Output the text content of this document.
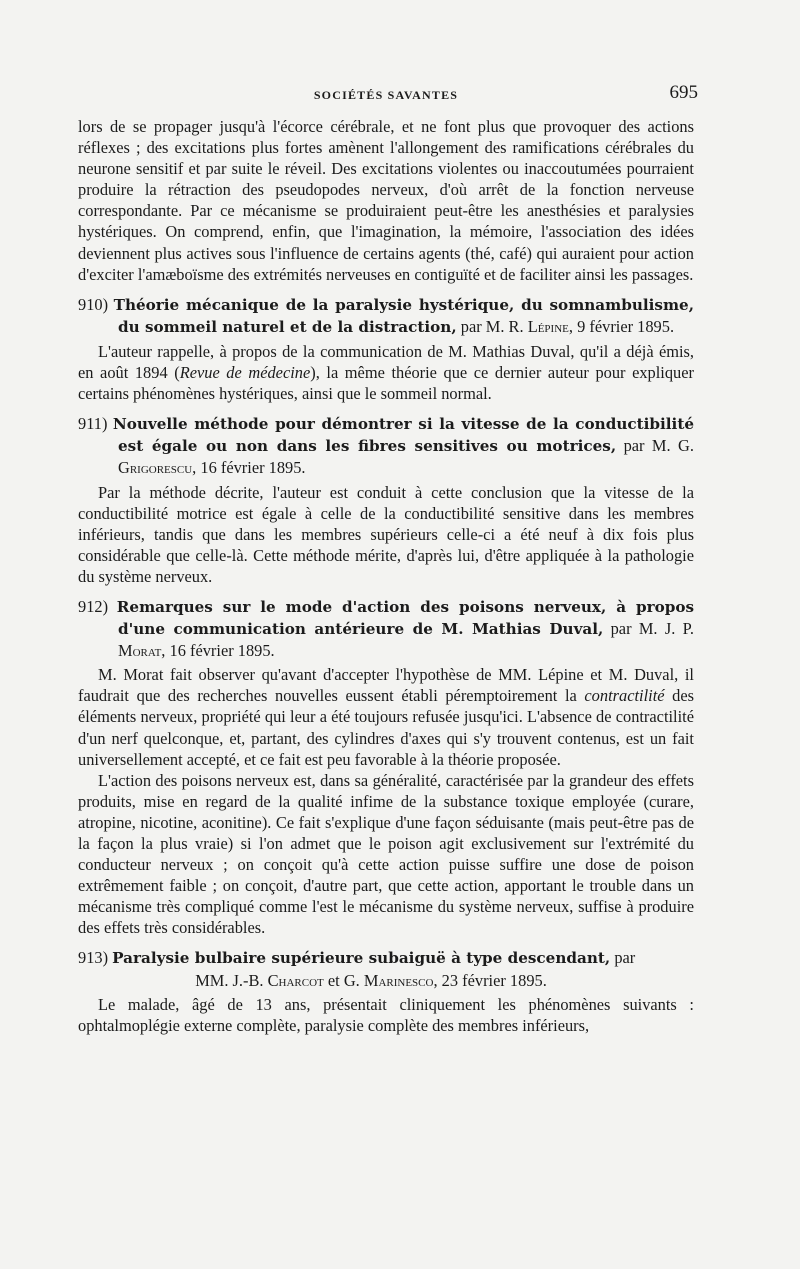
SOCIÉTÉS SAVANTES	695

lors de se propager jusqu'à l'écorce cérébrale, et ne font plus que provoquer des actions réflexes ; des excitations plus fortes amènent l'allongement des ramifications cérébrales du neurone sensitif et par suite le réveil. Des excitations violentes ou inaccoutumées pourraient produire la rétraction des pseudopodes nerveux, d'où arrêt de la fonction nerveuse correspondante. Par ce mécanisme se produiraient peut-être les anesthésies et paralysies hystériques. On comprend, enfin, que l'imagination, la mémoire, l'association des idées deviennent plus actives sous l'influence de certains agents (thé, café) qui auraient pour action d'exciter l'amæboïsme des extrémités nerveuses en contiguïté et de faciliter ainsi les passages.

910) Théorie mécanique de la paralysie hystérique, du somnambulisme, du sommeil naturel et de la distraction, par M. R. Lépine, 9 février 1895.

L'auteur rappelle, à propos de la communication de M. Mathias Duval, qu'il a déjà émis, en août 1894 (Revue de médecine), la même théorie que ce dernier auteur pour expliquer certains phénomènes hystériques, ainsi que le sommeil normal.

911) Nouvelle méthode pour démontrer si la vitesse de la conductibilité est égale ou non dans les fibres sensitives ou motrices, par M. G. Grigorescu, 16 février 1895.

Par la méthode décrite, l'auteur est conduit à cette conclusion que la vitesse de la conductibilité motrice est égale à celle de la conductibilité sensitive dans les membres inférieurs, tandis que dans les membres supérieurs celle-ci a été neuf à dix fois plus considérable que celle-là. Cette méthode mérite, d'après lui, d'être appliquée à la pathologie du système nerveux.

912) Remarques sur le mode d'action des poisons nerveux, à propos d'une communication antérieure de M. Mathias Duval, par M. J. P. Morat, 16 février 1895.

M. Morat fait observer qu'avant d'accepter l'hypothèse de MM. Lépine et M. Duval, il faudrait que des recherches nouvelles eussent établi péremptoirement la contractilité des éléments nerveux, propriété qui leur a été toujours refusée jusqu'ici. L'absence de contractilité d'un nerf quelconque, et, partant, des cylindres d'axes qui s'y trouvent contenus, est un fait universellement accepté, et ce fait est peu favorable à la théorie proposée.

L'action des poisons nerveux est, dans sa généralité, caractérisée par la grandeur des effets produits, mise en regard de la qualité infime de la substance toxique employée (curare, atropine, nicotine, aconitine). Ce fait s'explique d'une façon séduisante (mais peut-être pas de la façon la plus vraie) si l'on admet que le poison agit exclusivement sur l'extrémité du conducteur nerveux ; on conçoit qu'à cette action puisse suffire une dose de poison extrêmement faible ; on conçoit, d'autre part, que cette action, apportant le trouble dans un mécanisme très compliqué comme l'est le mécanisme du système nerveux, suffise à produire des effets très considérables.

913) Paralysie bulbaire supérieure subaiguë à type descendant, par
MM. J.-B. Charcot et G. Marinesco, 23 février 1895.

Le malade, âgé de 13 ans, présentait cliniquement les phénomènes suivants : ophtalmoplégie externe complète, paralysie complète des membres inférieurs,
